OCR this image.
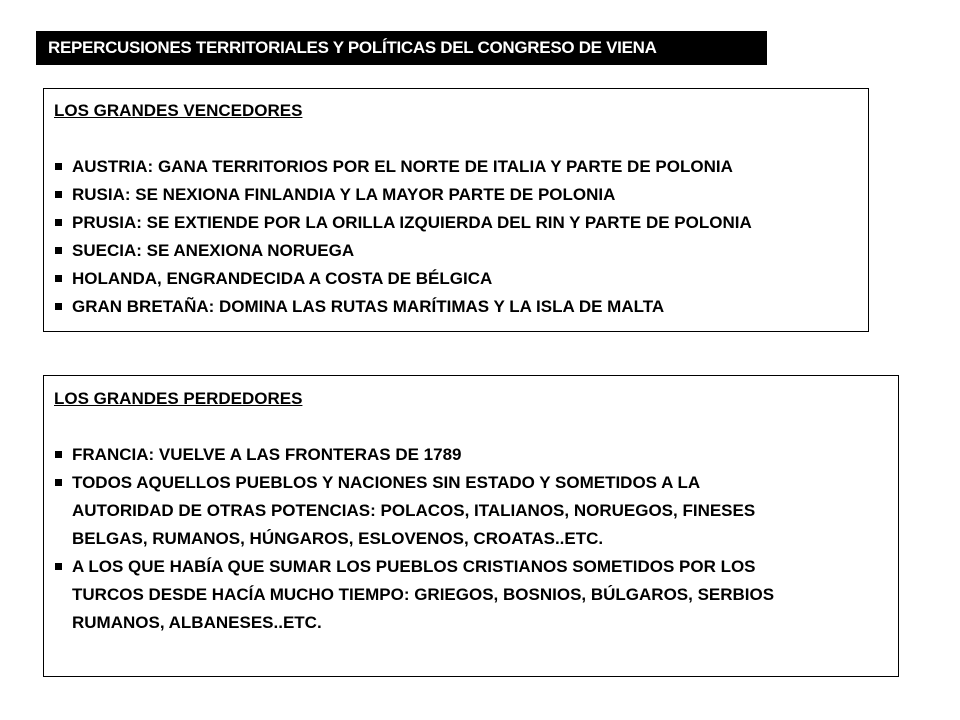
REPERCUSIONES TERRITORIALES Y POLÍTICAS DEL CONGRESO DE VIENA
LOS GRANDES VENCEDORES
AUSTRIA: GANA TERRITORIOS POR EL NORTE DE ITALIA Y PARTE DE POLONIA
RUSIA: SE NEXIONA FINLANDIA Y LA MAYOR PARTE DE POLONIA
PRUSIA: SE EXTIENDE POR LA ORILLA IZQUIERDA DEL RIN Y PARTE DE POLONIA
SUECIA: SE ANEXIONA NORUEGA
HOLANDA, ENGRANDECIDA A COSTA DE BÉLGICA
GRAN BRETAÑA: DOMINA LAS RUTAS MARÍTIMAS Y LA ISLA DE MALTA
LOS GRANDES PERDEDORES
FRANCIA: VUELVE A LAS FRONTERAS DE 1789
TODOS AQUELLOS PUEBLOS Y NACIONES SIN ESTADO Y SOMETIDOS A LA
AUTORIDAD DE OTRAS POTENCIAS: POLACOS, ITALIANOS, NORUEGOS, FINESES
BELGAS, RUMANOS, HÚNGAROS, ESLOVENOS, CROATAS..ETC.
A LOS QUE HABÍA QUE SUMAR LOS PUEBLOS CRISTIANOS SOMETIDOS POR LOS
TURCOS DESDE HACÍA MUCHO TIEMPO: GRIEGOS, BOSNIOS, BÚLGAROS, SERBIOS
RUMANOS, ALBANESES..ETC.
